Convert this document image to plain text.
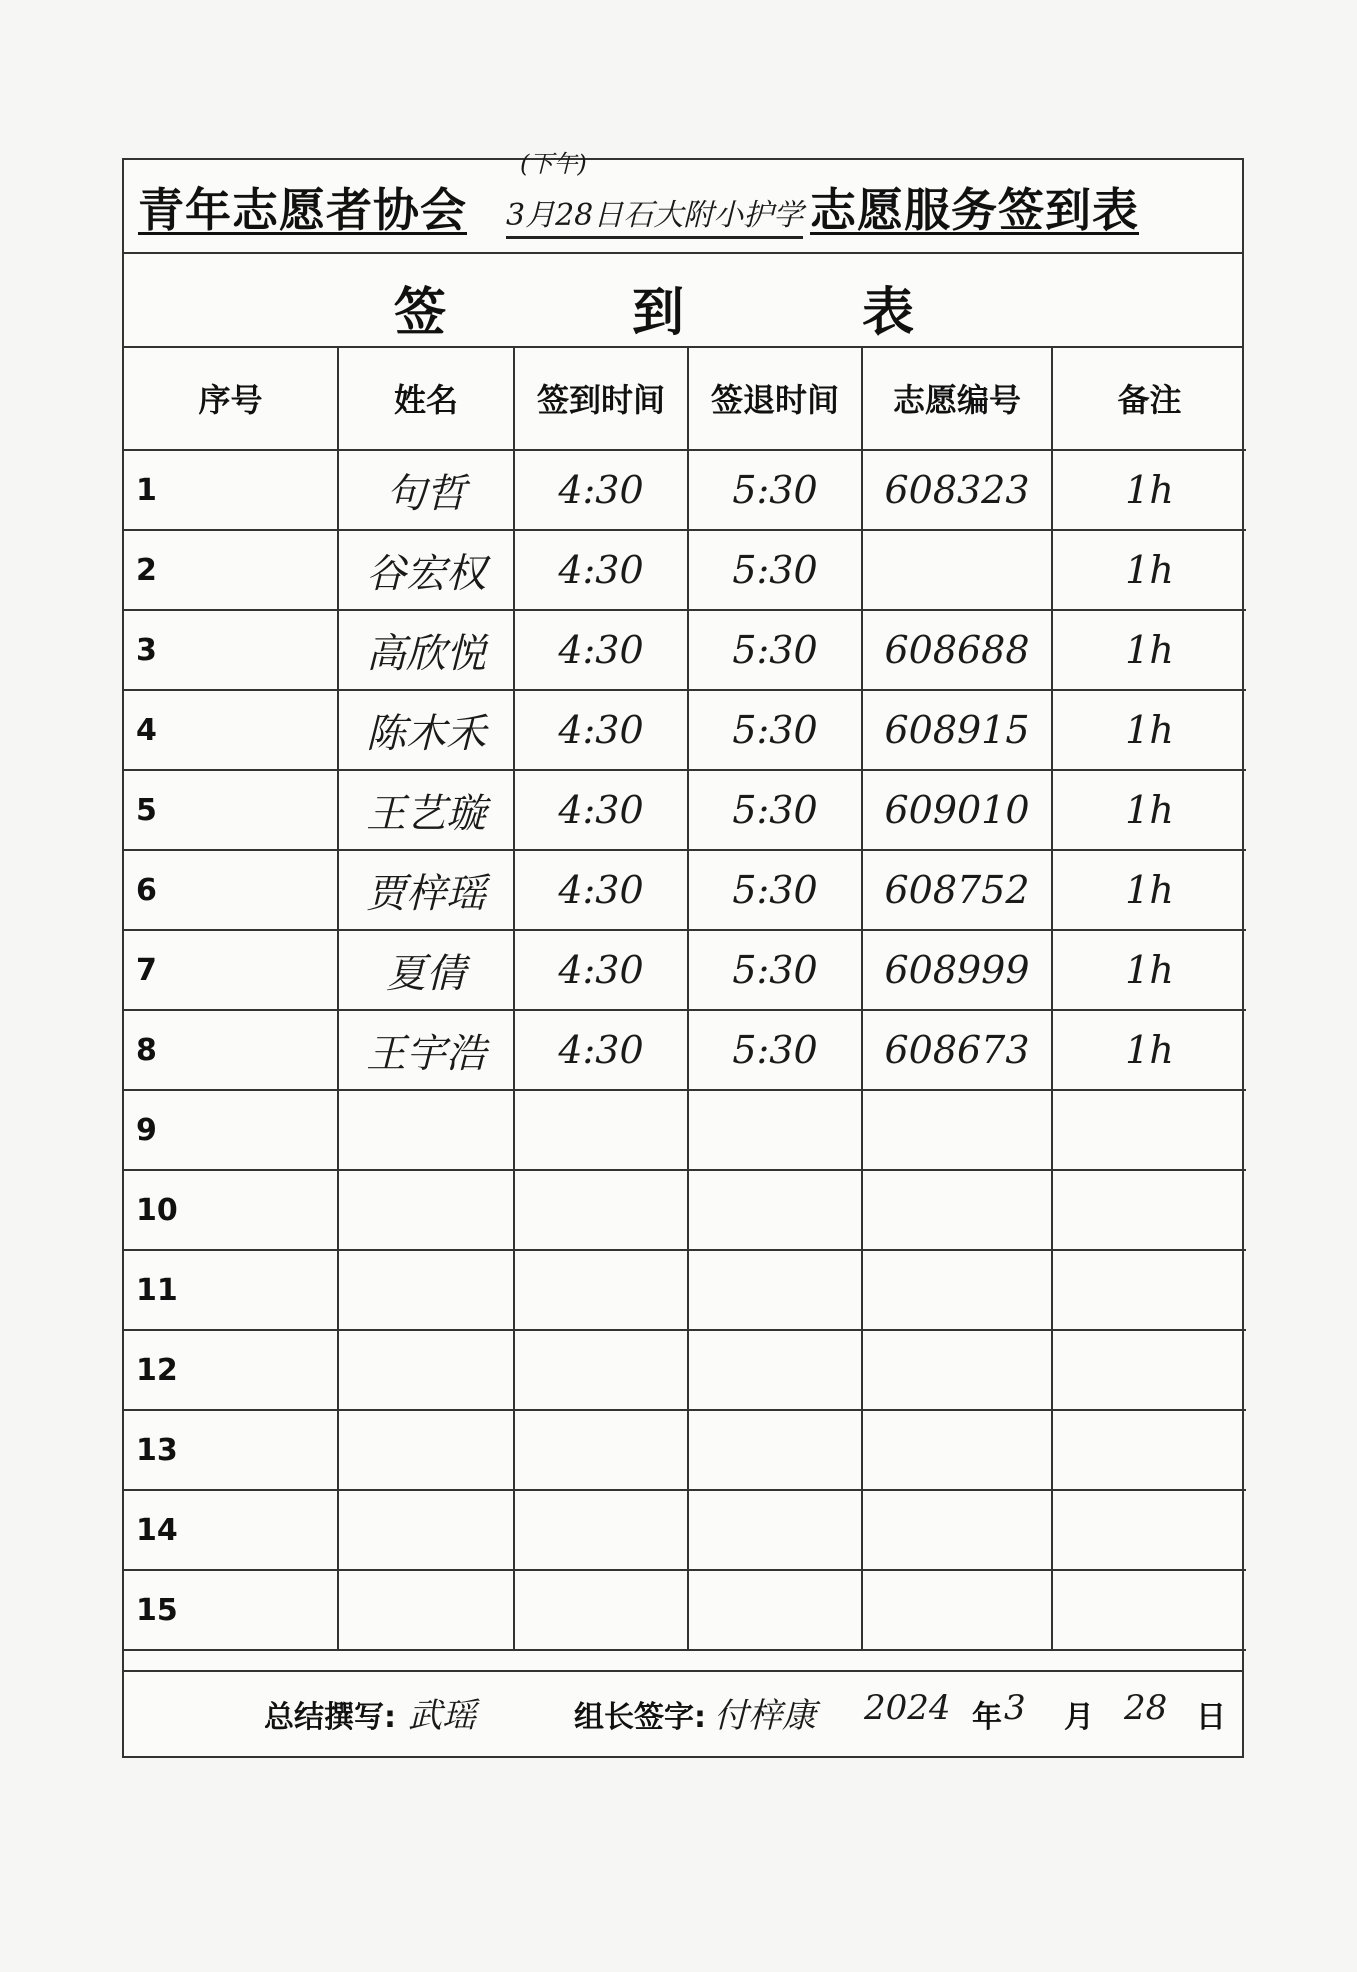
青年志愿者协会
(下午)
3月28日石大附小护学 志愿服务签到表
签	到	表
序号	姓名	签到时间	签退时间	志愿编号	备注
1	句哲	4:30	5:30	608323	1h
2	谷宏权	4:30	5:30		1h
3	高欣悦	4:30	5:30	608688	1h
4	陈木禾	4:30	5:30	608915	1h
5	王艺璇	4:30	5:30	609010	1h
6	贾梓瑶	4:30	5:30	608752	1h
7	夏倩	4:30	5:30	608999	1h
8	王宇浩	4:30	5:30	608673	1h
9					
10					
11					
12					
13					
14					
15					
总结撰写: 武瑶	组长签字: 付梓康 2024 年 3 月 28 日
